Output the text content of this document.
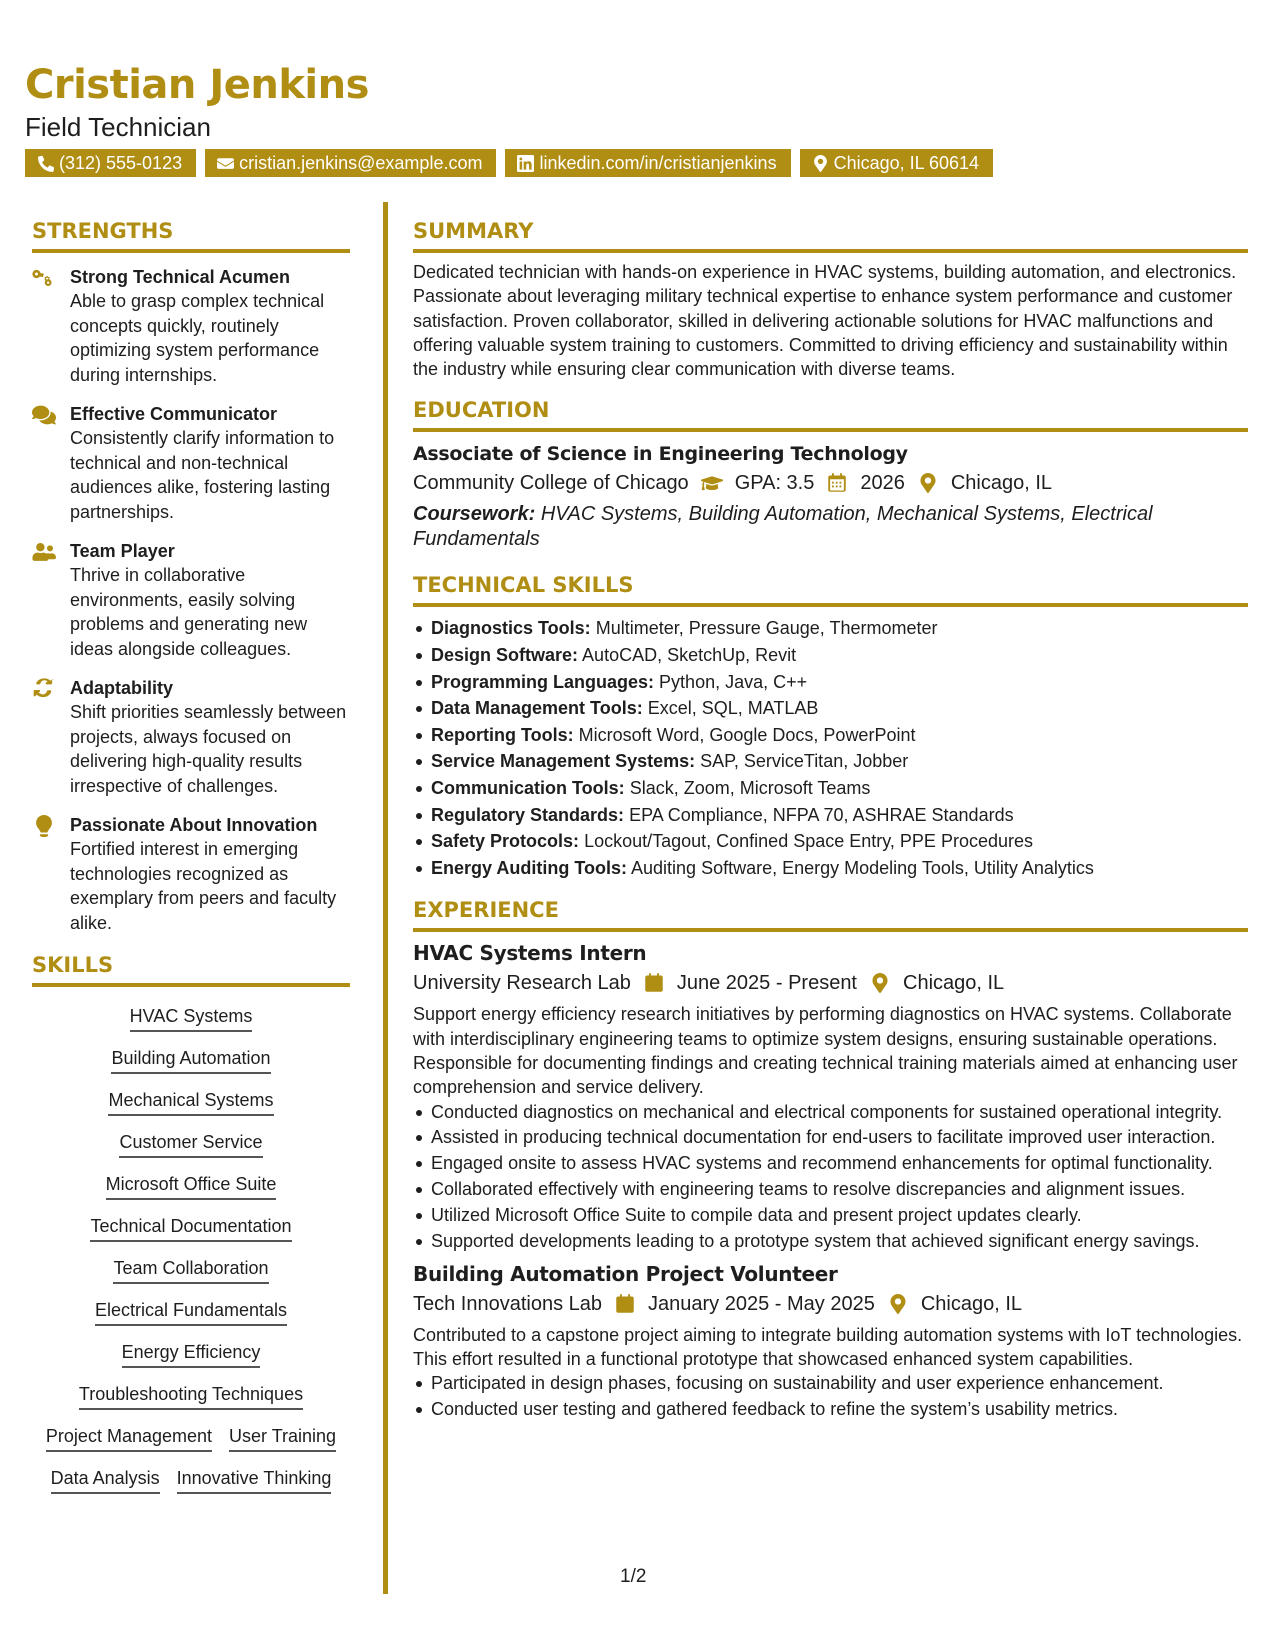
Cristian Jenkins
Field Technician
(312) 555-0123	cristian.jenkins@example.com	linkedin.com/in/cristianjenkins	Chicago, IL 60614
STRENGTHS
Strong Technical Acumen
Able to grasp complex technical concepts quickly, routinely optimizing system performance during internships.
Effective Communicator
Consistently clarify information to technical and non-technical audiences alike, fostering lasting partnerships.
Team Player
Thrive in collaborative environments, easily solving problems and generating new ideas alongside colleagues.
Adaptability
Shift priorities seamlessly between projects, always focused on delivering high-quality results irrespective of challenges.
Passionate About Innovation
Fortified interest in emerging technologies recognized as exemplary from peers and faculty alike.
SKILLS
HVAC Systems
Building Automation
Mechanical Systems
Customer Service
Microsoft Office Suite
Technical Documentation
Team Collaboration
Electrical Fundamentals
Energy Efficiency
Troubleshooting Techniques
Project Management User Training
Data Analysis Innovative Thinking
SUMMARY
Dedicated technician with hands-on experience in HVAC systems, building automation, and electronics. Passionate about leveraging military technical expertise to enhance system performance and customer satisfaction. Proven collaborator, skilled in delivering actionable solutions for HVAC malfunctions and offering valuable system training to customers. Committed to driving efficiency and sustainability within the industry while ensuring clear communication with diverse teams.
EDUCATION
Associate of Science in Engineering Technology
Community College of Chicago GPA: 3.5 2026 Chicago, IL
Coursework: HVAC Systems, Building Automation, Mechanical Systems, Electrical Fundamentals
TECHNICAL SKILLS
Diagnostics Tools: Multimeter, Pressure Gauge, Thermometer
Design Software: AutoCAD, SketchUp, Revit
Programming Languages: Python, Java, C++
Data Management Tools: Excel, SQL, MATLAB
Reporting Tools: Microsoft Word, Google Docs, PowerPoint
Service Management Systems: SAP, ServiceTitan, Jobber
Communication Tools: Slack, Zoom, Microsoft Teams
Regulatory Standards: EPA Compliance, NFPA 70, ASHRAE Standards
Safety Protocols: Lockout/Tagout, Confined Space Entry, PPE Procedures
Energy Auditing Tools: Auditing Software, Energy Modeling Tools, Utility Analytics
EXPERIENCE
HVAC Systems Intern
University Research Lab June 2025 - Present Chicago, IL
Support energy efficiency research initiatives by performing diagnostics on HVAC systems. Collaborate with interdisciplinary engineering teams to optimize system designs, ensuring sustainable operations. Responsible for documenting findings and creating technical training materials aimed at enhancing user comprehension and service delivery.
Conducted diagnostics on mechanical and electrical components for sustained operational integrity.
Assisted in producing technical documentation for end-users to facilitate improved user interaction.
Engaged onsite to assess HVAC systems and recommend enhancements for optimal functionality.
Collaborated effectively with engineering teams to resolve discrepancies and alignment issues.
Utilized Microsoft Office Suite to compile data and present project updates clearly.
Supported developments leading to a prototype system that achieved significant energy savings.
Building Automation Project Volunteer
Tech Innovations Lab January 2025 - May 2025 Chicago, IL
Contributed to a capstone project aiming to integrate building automation systems with IoT technologies. This effort resulted in a functional prototype that showcased enhanced system capabilities.
Participated in design phases, focusing on sustainability and user experience enhancement.
Conducted user testing and gathered feedback to refine the system’s usability metrics.
1/2
